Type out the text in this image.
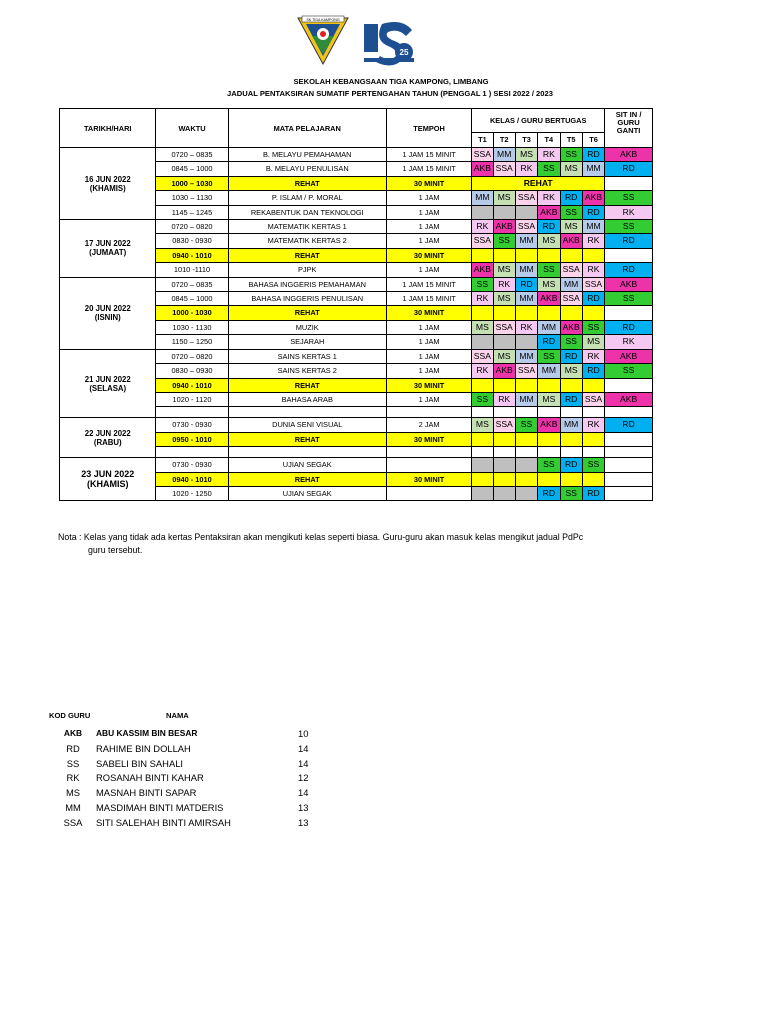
SK TIGA KAMPONG
25
SEKOLAH KEBANGSAAN TIGA KAMPONG, LIMBANG
JADUAL PENTAKSIRAN SUMATIF PERTENGAHAN TAHUN (PENGGAL 1 ) SESI 2022 / 2023
TARIKH/HARI	WAKTU	MATA PELAJARAN	TEMPOH	KELAS / GURU BERTUGAS						SIT IN / GURU GANTI
				T1	T2	T3	T4	T5	T6	

16 JUN 2022
(KHAMIS)	0720 – 0835	B. MELAYU PEMAHAMAN	1 JAM 15 MINIT	SSA	MM	MS	RK	SS	RD	AKB
	0845 – 1000	B. MELAYU PENULISAN	1 JAM 15 MINIT	AKB	SSA	RK	SS	MS	MM	RD
	1000 – 1030	REHAT	30 MINIT	REHAT						
	1030 – 1130	P. ISLAM / P. MORAL	1 JAM	MM	MS	SSA	RK	RD	AKB	SS
	1145 – 1245	REKABENTUK DAN TEKNOLOGI	1 JAM				AKB	SS	RD	RK

17 JUN 2022
(JUMAAT)	0720 – 0820	MATEMATIK KERTAS 1	1 JAM	RK	AKB	SSA	RD	MS	MM	SS
	0830 - 0930	MATEMATIK KERTAS 2	1 JAM	SSA	SS	MM	MS	AKB	RK	RD
	0940 - 1010	REHAT	30 MINIT							
	1010 -1110	PJPK	1 JAM	AKB	MS	MM	SS	SSA	RK	RD

20 JUN 2022
(ISNIN)	0720 – 0835	BAHASA INGGERIS PEMAHAMAN	1 JAM 15 MINIT	SS	RK	RD	MS	MM	SSA	AKB
	0845 – 1000	BAHASA INGGERIS PENULISAN	1 JAM 15 MINIT	RK	MS	MM	AKB	SSA	RD	SS
	1000 - 1030	REHAT	30 MINIT							
	1030 - 1130	MUZIK	1 JAM	MS	SSA	RK	MM	AKB	SS	RD
	1150 – 1250	SEJARAH	1 JAM				RD	SS	MS	RK

21 JUN 2022
(SELASA)	0720 – 0820	SAINS KERTAS 1	1 JAM	SSA	MS	MM	SS	RD	RK	AKB
	0830 – 0930	SAINS KERTAS 2	1 JAM	RK	AKB	SSA	MM	MS	RD	SS
	0940 - 1010	REHAT	30 MINIT							
	1020 - 1120	BAHASA ARAB	1 JAM	SS	RK	MM	MS	RD	SSA	AKB

22 JUN 2022
(RABU)	0730 - 0930	DUNIA SENI VISUAL	2 JAM	MS	SSA	SS	AKB	MM	RK	RD
	0950 - 1010	REHAT	30 MINIT							

23 JUN 2022
(KHAMIS)	0730 - 0930	UJIAN SEGAK					SS	RD	SS	
	0940 - 1010	REHAT	30 MINIT							
	1020 - 1250	UJIAN SEGAK					RD	SS	RD	
Nota : Kelas yang tidak ada kertas Pentaksiran akan mengikuti kelas seperti biasa. Guru-guru akan masuk kelas mengikut jadual PdPc
guru tersebut.
KOD GURU	NAMA
AKB	ABU KASSIM BIN BESAR	10
RD	RAHIME BIN DOLLAH	14
SS	SABELI BIN SAHALI	14
RK	ROSANAH BINTI KAHAR	12
MS	MASNAH BINTI SAPAR	14
MM	MASDIMAH BINTI MATDERIS	13
SSA	SITI SALEHAH BINTI AMIRSAH	13
